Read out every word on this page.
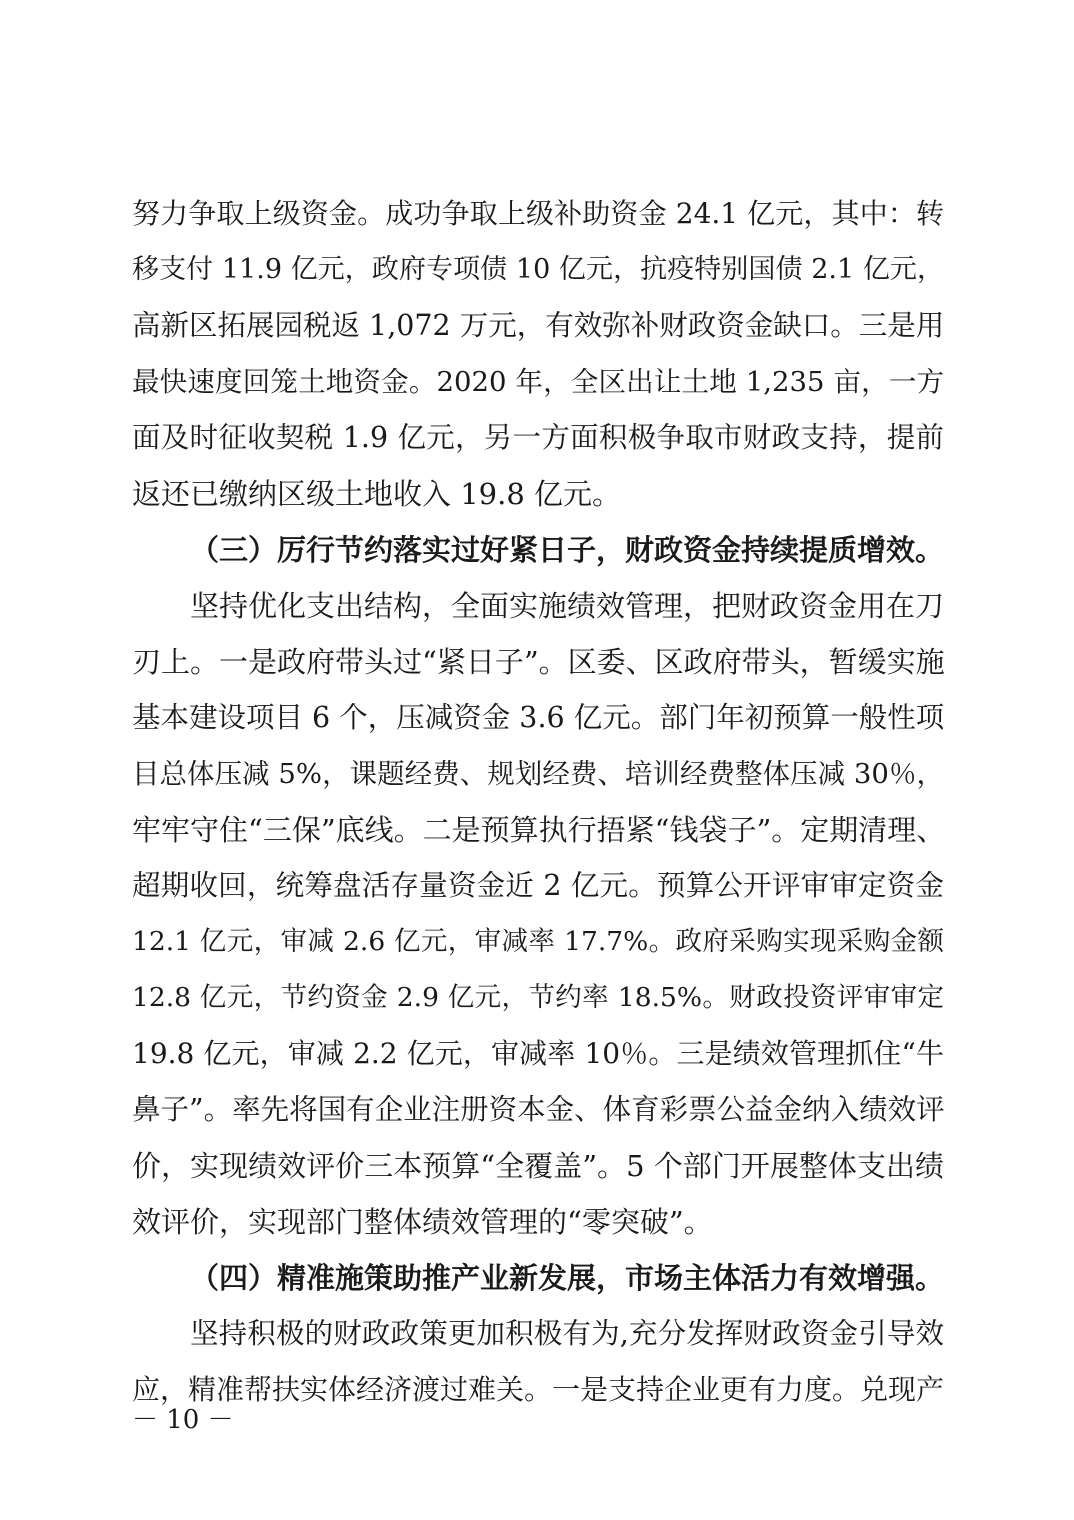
努力争取上级资金。成功争取上级补助资金 24.1 亿元，其中：转
移支付 11.9 亿元，政府专项债 10 亿元，抗疫特别国债 2.1 亿元，
高新区拓展园税返 1,072 万元，有效弥补财政资金缺口。三是用
最快速度回笼土地资金。2020 年，全区出让土地 1,235 亩，一方
面及时征收契税 1.9 亿元，另一方面积极争取市财政支持，提前
返还已缴纳区级土地收入 19.8 亿元。
（三）厉行节约落实过好紧日子，财政资金持续提质增效。
坚持优化支出结构，全面实施绩效管理，把财政资金用在刀
刃上。一是政府带头过“紧日子”。区委、区政府带头，暂缓实施
基本建设项目 6 个，压减资金 3.6 亿元。部门年初预算一般性项
目总体压减 5%，课题经费、规划经费、培训经费整体压减 30％，
牢牢守住“三保”底线。二是预算执行捂紧“钱袋子”。定期清理、
超期收回，统筹盘活存量资金近 2 亿元。预算公开评审审定资金
12.1 亿元，审减 2.6 亿元，审减率 17.7%。政府采购实现采购金额
12.8 亿元，节约资金 2.9 亿元，节约率 18.5%。财政投资评审审定
19.8 亿元，审减 2.2 亿元，审减率 10％。三是绩效管理抓住“牛
鼻子”。率先将国有企业注册资本金、体育彩票公益金纳入绩效评
价，实现绩效评价三本预算“全覆盖”。5 个部门开展整体支出绩
效评价，实现部门整体绩效管理的“零突破”。
（四）精准施策助推产业新发展，市场主体活力有效增强。
坚持积极的财政政策更加积极有为,充分发挥财政资金引导效
应，精准帮扶实体经济渡过难关。一是支持企业更有力度。兑现产
－ 10 －
